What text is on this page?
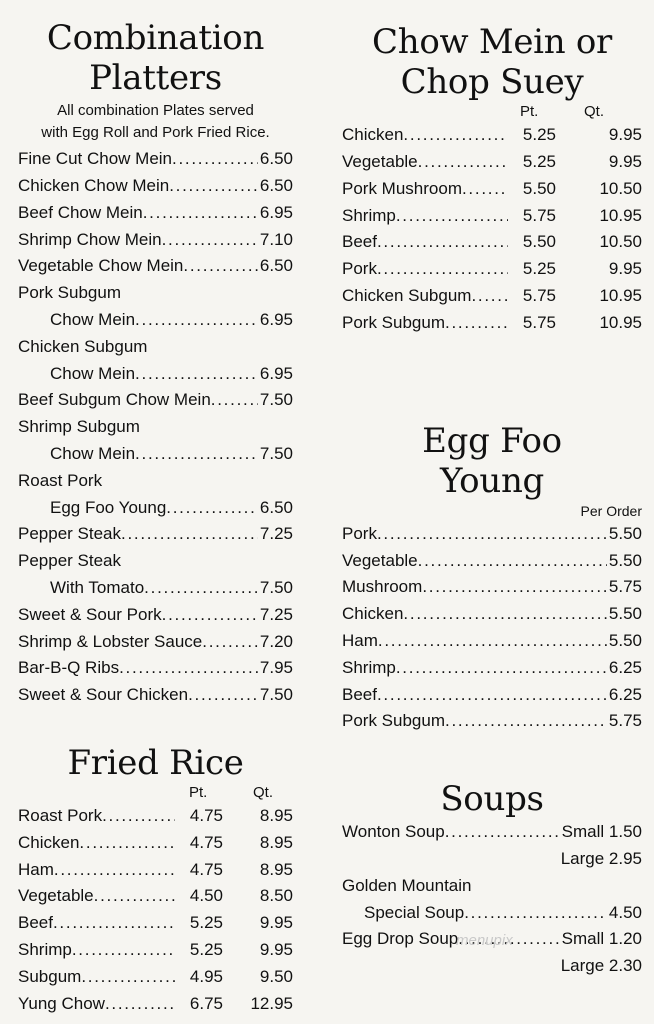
Combination
Platters
All combination Plates served
with Egg Roll and Pork Fried Rice.
Fine Cut Chow Mein . . .	6.50
Chicken Chow Mein . . .	6.50
Beef Chow Mein . . .	6.95
Shrimp Chow Mein . . .	7.10
Vegetable Chow Mein . . .	6.50
Pork Subgum
Chow Mein . . .	6.95
Chicken Subgum
Chow Mein . . .	6.95
Beef Subgum Chow Mein . . .	7.50
Shrimp Subgum
Chow Mein . . .	7.50
Roast Pork
Egg Foo Young . . .	6.50
Pepper Steak . . .	7.25
Pepper Steak
With Tomato . . .	7.50
Sweet & Sour Pork . . .	7.25
Shrimp & Lobster Sauce . . .	7.20
Bar-B-Q Ribs . . .	7.95
Sweet & Sour Chicken . . .	7.50
Fried Rice
Pt.	Qt.
Roast Pork . . .	4.75	8.95
Chicken . . .	4.75	8.95
Ham . . .	4.75	8.95
Vegetable . . .	4.50	8.50
Beef . . .	5.25	9.95
Shrimp . . .	5.25	9.95
Subgum . . .	4.95	9.50
Yung Chow . . .	6.75	12.95
Chow Mein or
Chop Suey
Pt.	Qt.
Chicken . . .	5.25	9.95
Vegetable . . .	5.25	9.95
Pork Mushroom . . .	5.50	10.50
Shrimp . . .	5.75	10.95
Beef . . .	5.50	10.50
Pork . . .	5.25	9.95
Chicken Subgum . . .	5.75	10.95
Pork Subgum . . .	5.75	10.95
Egg Foo
Young
Per Order
Pork . . .	5.50
Vegetable . . .	5.50
Mushroom . . .	5.75
Chicken . . .	5.50
Ham . . .	5.50
Shrimp . . .	6.25
Beef . . .	6.25
Pork Subgum . . .	5.75
Soups
Wonton Soup . . .	Small 1.50
Large 2.95
Golden Mountain
Special Soup . . .	4.50
Egg Drop Soup . . .	Small 1.20
Large 2.30
menupix
